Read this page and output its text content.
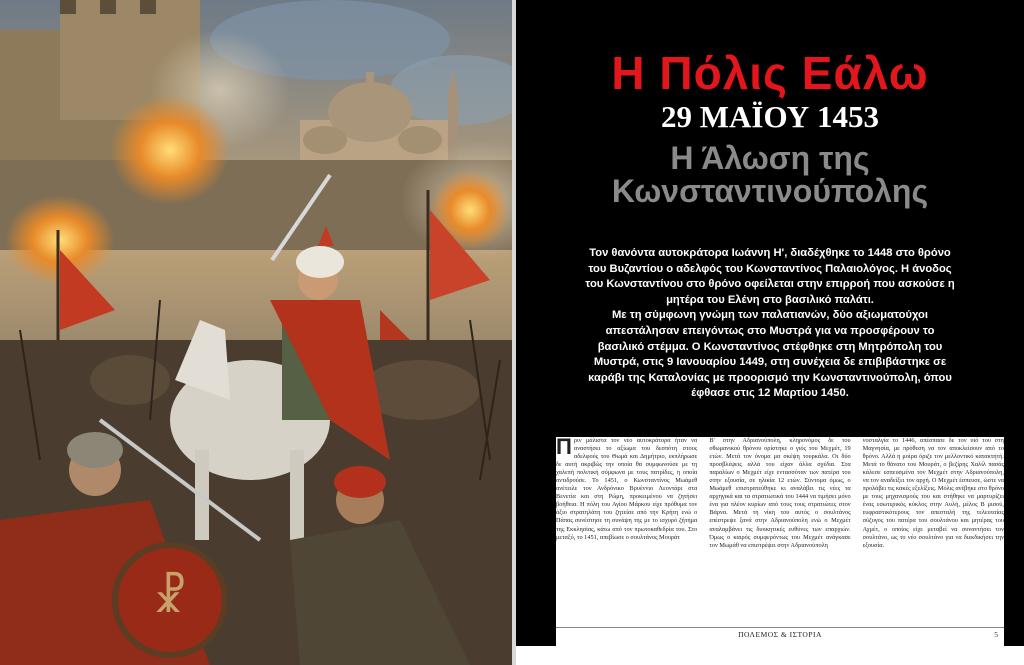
☧
Η Πόλις Εάλω
29 ΜΑΪΟΥ 1453
Η Άλωση της
Κωνσταντινούπολης

Τον θανόντα αυτοκράτορα Ιωάννη Η', διαδέχθηκε το 1448 στο θρόνο του Βυζαντίου ο αδελφός του Κωνσταντίνος Παλαιολόγος. Η άνοδος του Κωνσταντίνου στο θρόνο οφείλεται στην επιρροή που ασκούσε η μητέρα του Ελένη στο βασιλικό παλάτι.

Με τη σύμφωνη γνώμη των παλατιανών, δύο αξιωματούχοι απεστάλησαν επειγόντως στο Μυστρά για να προσφέρουν το βασιλικό στέμμα. Ο Κωνσταντίνος στέφθηκε στη Μητρόπολη του Μυστρά, στις 9 Ιανουαρίου 1449, στη συνέχεια δε επιβιβάστηκε σε καράβι της Καταλονίας με προορισμό την Κωνσταντινούπολη, όπου έφθασε στις 12 Μαρτίου 1450.

Πριν μάλιστα τον νέο αυτοκράτορα ήταν να αναστήσει το αξίωμα του δεσπότη στους αδελφούς του Θωμά και Δημήτριο, εκπλήρωσε δε αυτή ακριβώς την οποία θα συμφωνούσε με τη χαλεπή πολιτική σύμφωνα με τους πατρίδες, η οποία αντιδρούσε. Το 1451, ο Κωνσταντίνος Μωάμεθ ανέτειλε τον Ανδρόνικο Βρυέννιο Λεοντάρι στα Βενετία και στη Ρώμη, προκειμένου να ζητήσει βοήθεια. Η πόλη του Αγίου Μάρκου είχε πρόθυμα τον άξιο στρατηλάτη του ζητείσε από την Κρήτη ενώ ο Πάπας συνέστησε τη συνάψη της με το ισχυρό ζήτημα της Εκκλησίας, κάτω από τον πρωτοκαθεδρία του. Στο μεταξύ, το 1451, απεβίωσε ο σουλτάνος Μουράτ

Β' στην Αδριανούπολη, κληρονόμος δε του οθωμανικού θρόνου ορίστηκε ο γιός του Μεχμέτ, 19 ετών. Μετά τον όνομα μα σκέψη τουρκάλα. Οι δύο προσβλέψεις αλλά του είχαν άλλα σχέδια. Στα παραλίων ο Μεχμέτ είχε εντασσόταν των πατέρα του στην εξουσία, σε ηλικία 12 ετών. Σύντομα όμως, ο Μωάμεθ επιστρατεύθηκε κι αναλάβει τις νέες τα αρχηγικά και τα στρατιωτικά του 1444 να τιμήσει μόνο ένα για πλέον κυρίων από τους τους στρατιώτες στον Βάρνα. Μετά τη νίκη του αυτός ο σουλτάνος επέστρεψε ξανά στην Αδριανούπολη ενώ ο Μεχμέτ αναλαμβάνει τις διοικητικές ευθύνες των επαρχιών. Όμως ο καιρός συμφερόντως του Μεχμέτ ανάγκασε τον Μωμάθ να επιστρέψει στην Αδριανούπολη

νοσταλγία το 1446, απέσπασε δε τον υιό του στη Μαγνησία, με πρόθεση να τον αποκλείσουν από το θρόνο. Αλλά η μοίρα όριζε τον μελλοντικό κατακτητή. Μετά το θάνατο του Μουράτ, ο βεζίρης Χαλίλ πασάς κάλεσε εσπευσμένα τον Μεχμέτ στην Αδριανούπολη, να τον αναδείξει τον αρχή. Ο Μεχμέτ έσπευσε, ώστε να προλάβει τις κακές εξελίξεις. Μόλις ανέβηκε στο θρόνο με τους μηχανισμούς του και στήθηκε να μαρτυρίζει ένας εσωτερικός κύκλος στην Αυλή, μέλος Β μισού, ευφραστικότερους τον απεσταλή της τελευταίας σύζυγος του πατέρα του σουλτάνου και μητέρας του Αχμέτ, ο οποίος είχε μεταβεί να συναντήσει τον σουλτάνο, ως το νέο σουλτάνο για να διεκδικήσει την εξουσία.

ΠΟΛΕΜΟΣ & ΙΣΤΟΡΙΑ	5
